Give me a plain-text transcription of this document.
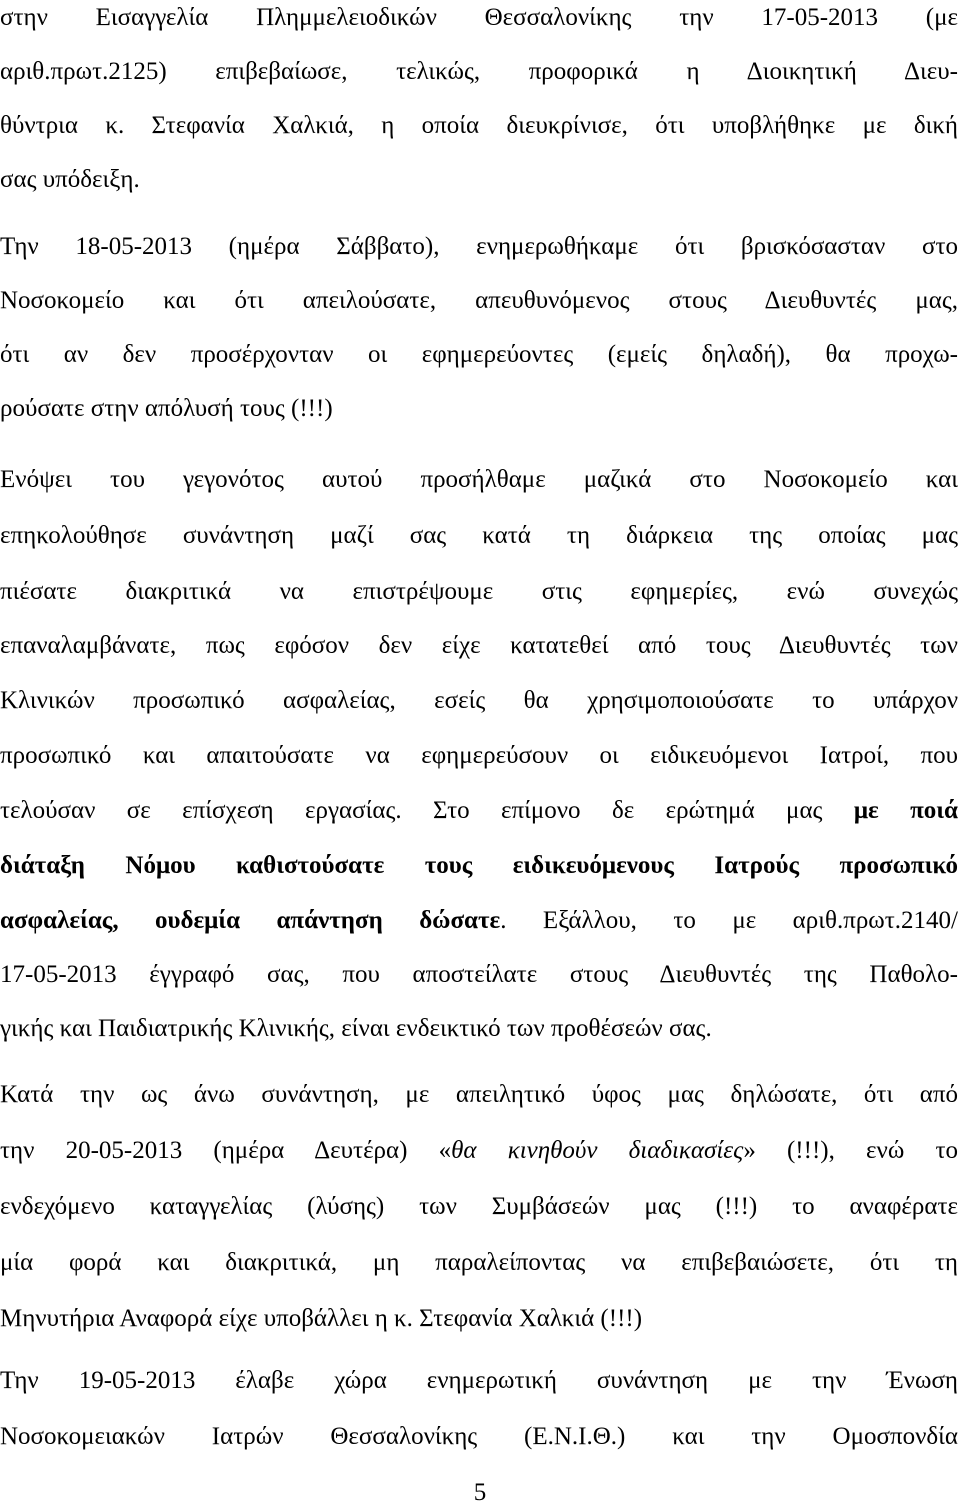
στην Εισαγγελία Πλημμελειοδικών Θεσσαλονίκης την 17-05-2013 (με
αριθ.πρωτ.2125) επιβεβαίωσε, τελικώς, προφορικά η Διοικητική Διευ-
θύντρια κ. Στεφανία Χαλκιά, η οποία διευκρίνισε, ότι υποβλήθηκε με δική
σας υπόδειξη.
Την 18-05-2013 (ημέρα Σάββατο), ενημερωθήκαμε ότι βρισκόσασταν στο
Νοσοκομείο και ότι απειλούσατε, απευθυνόμενος στους Διευθυντές μας,
ότι αν δεν προσέρχονταν οι εφημερεύοντες (εμείς δηλαδή), θα προχω-
ρούσατε στην απόλυσή τους (!!!)
Ενόψει του γεγονότος αυτού προσήλθαμε μαζικά στο Νοσοκομείο και
επηκολούθησε συνάντηση μαζί σας κατά τη διάρκεια της οποίας μας
πιέσατε διακριτικά να επιστρέψουμε στις εφημερίες, ενώ συνεχώς
επαναλαμβάνατε, πως εφόσον δεν είχε κατατεθεί από τους Διευθυντές των
Κλινικών προσωπικό ασφαλείας, εσείς θα χρησιμοποιούσατε το υπάρχον
προσωπικό και απαιτούσατε να εφημερεύσουν οι ειδικευόμενοι Ιατροί, που
τελούσαν σε επίσχεση εργασίας. Στο επίμονο δε ερώτημά μας με ποιά
διάταξη Νόμου καθιστούσατε τους ειδικευόμενους Ιατρούς προσωπικό
ασφαλείας, ουδεμία απάντηση δώσατε. Εξάλλου, το με αριθ.πρωτ.2140/
17-05-2013 έγγραφό σας, που αποστείλατε στους Διευθυντές της Παθολο-
γικής και Παιδιατρικής Κλινικής, είναι ενδεικτικό των προθέσεών σας.
Κατά την ως άνω συνάντηση, με απειλητικό ύφος μας δηλώσατε, ότι από
την 20-05-2013 (ημέρα Δευτέρα) «θα κινηθούν διαδικασίες» (!!!), ενώ το
ενδεχόμενο καταγγελίας (λύσης) των Συμβάσεών μας (!!!) το αναφέρατε
μία φορά και διακριτικά, μη παραλείποντας να επιβεβαιώσετε, ότι τη
Μηνυτήρια Αναφορά είχε υποβάλλει η κ. Στεφανία Χαλκιά (!!!)
Την 19-05-2013 έλαβε χώρα ενημερωτική συνάντηση με την Ένωση
Νοσοκομειακών Ιατρών Θεσσαλονίκης (Ε.Ν.Ι.Θ.) και την Ομοσπονδία
5
